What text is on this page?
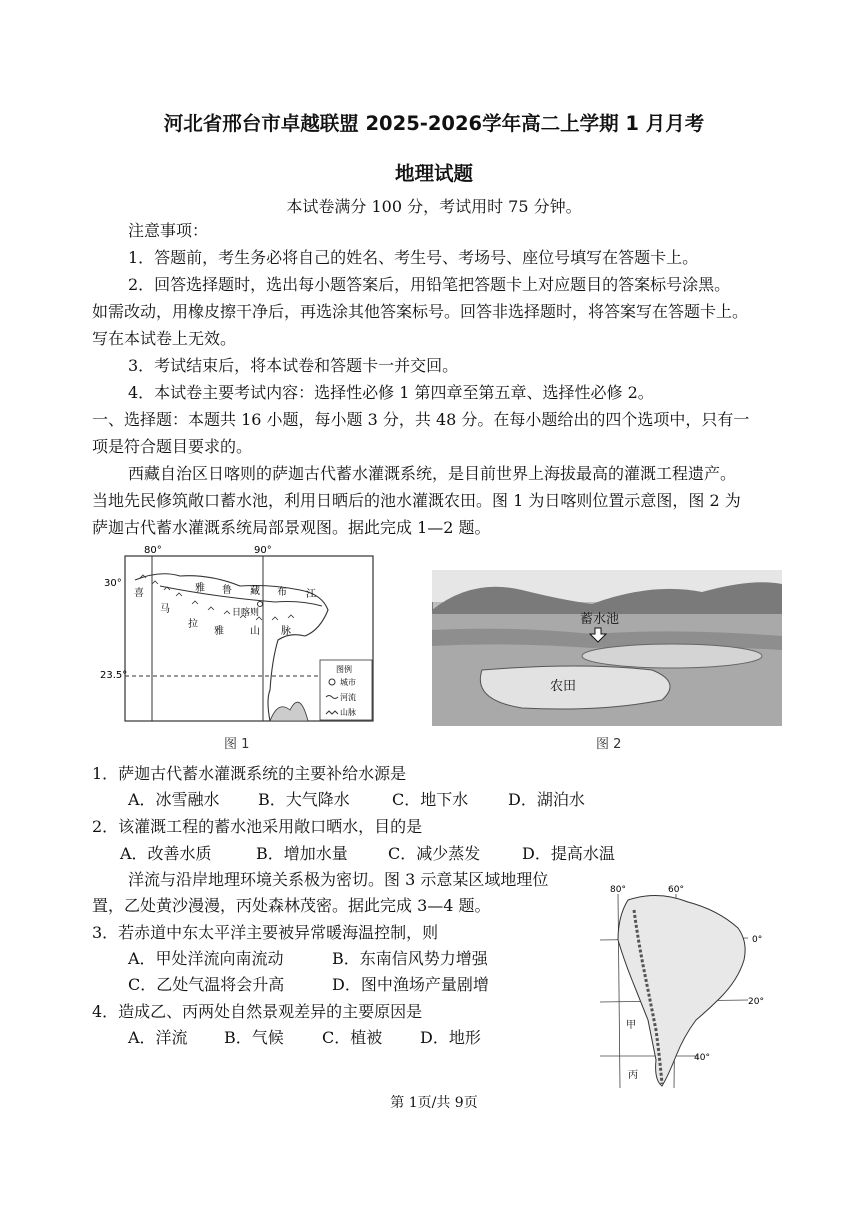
河北省邢台市卓越联盟 2025-2026学年高二上学期 1 月月考
地理试题
本试卷满分 100 分，考试用时 75 分钟。
注意事项：
1．答题前，考生务必将自己的姓名、考生号、考场号、座位号填写在答题卡上。
2．回答选择题时，选出每小题答案后，用铅笔把答题卡上对应题目的答案标号涂黑。
如需改动，用橡皮擦干净后，再选涂其他答案标号。回答非选择题时，将答案写在答题卡上。
写在本试卷上无效。
3．考试结束后，将本试卷和答题卡一并交回。
4．本试卷主要考试内容：选择性必修 1 第四章至第五章、选择性必修 2。
一、选择题：本题共 16 小题，每小题 3 分，共 48 分。在每小题给出的四个选项中，只有一
项是符合题目要求的。
西藏自治区日喀则的萨迦古代蓄水灌溉系统，是目前世界上海拔最高的灌溉工程遗产。
当地先民修筑敞口蓄水池，利用日晒后的池水灌溉农田。图 1 为日喀则位置示意图，图 2 为
萨迦古代蓄水灌溉系统局部景观图。据此完成 1—2 题。
80°	90°
30°
23.5°
雅 鲁 藏 布 江
喜
马
拉
雅	山 脉
日喀则
图例
城市
河流
山脉
图 1
蓄水池
农田
图 2
1．萨迦古代蓄水灌溉系统的主要补给水源是
A．冰雪融水 B．大气降水	C．地下水 D．湖泊水
2．该灌溉工程的蓄水池采用敞口晒水，目的是
A．改善水质	B．增加水量	C．减少蒸发	D．提高水温
洋流与沿岸地理环境关系极为密切。图 3 示意某区域地理位
置，乙处黄沙漫漫，丙处森林茂密。据此完成 3—4 题。
3．若赤道中东太平洋主要被异常暖海温控制，则
A．甲处洋流向南流动	B．东南信风势力增强
C．乙处气温将会升高	D．图中渔场产量剧增
4．造成乙、丙两处自然景观差异的主要原因是
A．洋流 B．气候 C．植被 D．地形
80°	60°
0°
20°
40°
甲
丙
第 1页/共 9页
